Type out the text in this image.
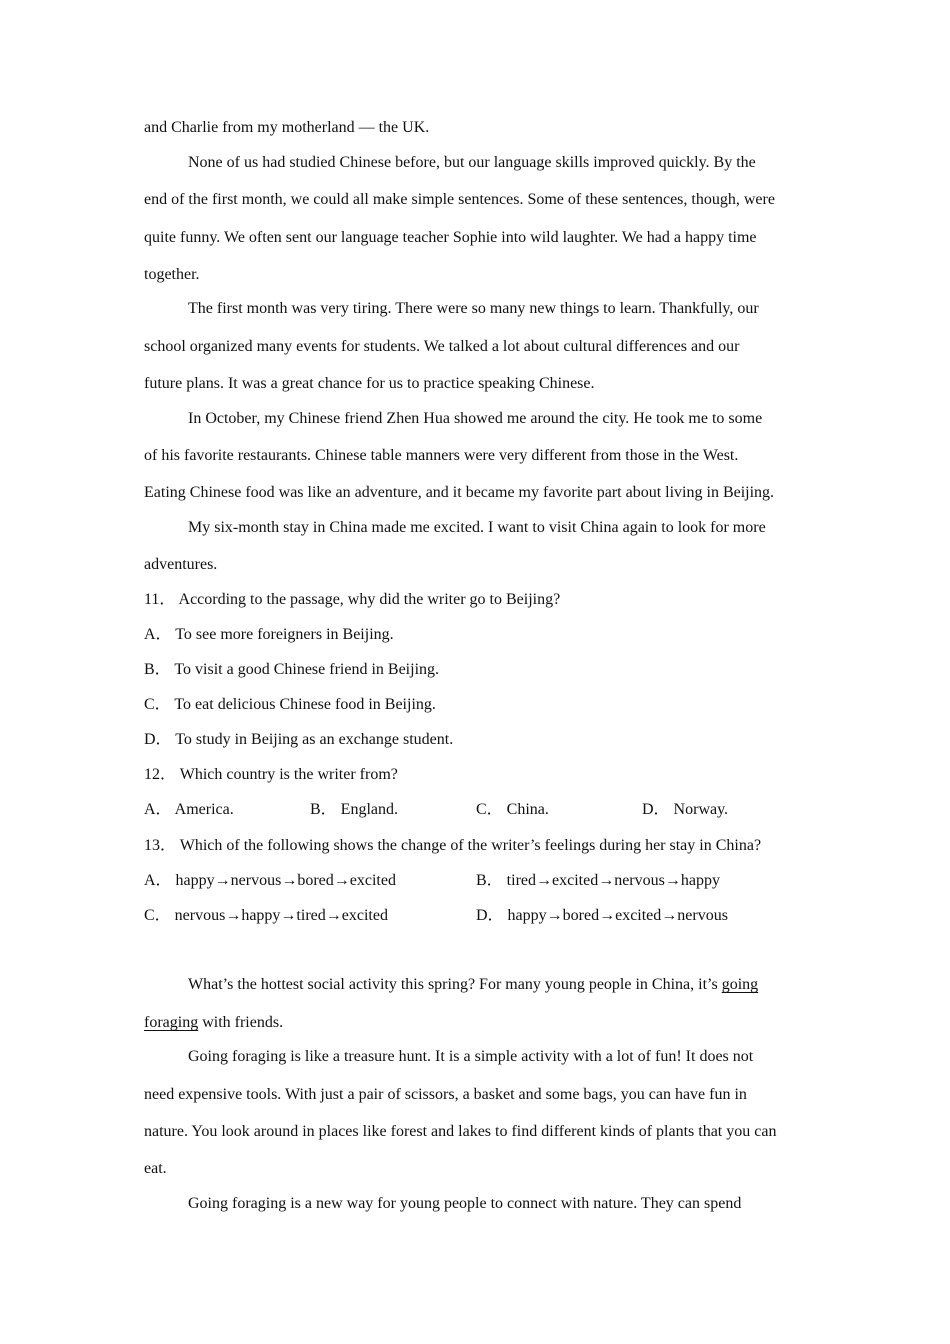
and Charlie from my motherland — the UK.
None of us had studied Chinese before, but our language skills improved quickly. By the
end of the first month, we could all make simple sentences. Some of these sentences, though, were
quite funny. We often sent our language teacher Sophie into wild laughter. We had a happy time
together.
The first month was very tiring. There were so many new things to learn. Thankfully, our
school organized many events for students. We talked a lot about cultural differences and our
future plans. It was a great chance for us to practice speaking Chinese.
In October, my Chinese friend Zhen Hua showed me around the city. He took me to some
of his favorite restaurants. Chinese table manners were very different from those in the West.
Eating Chinese food was like an adventure, and it became my favorite part about living in Beijing.
My six-month stay in China made me excited. I want to visit China again to look for more
adventures.
11． According to the passage, why did the writer go to Beijing?
A． To see more foreigners in Beijing.
B． To visit a good Chinese friend in Beijing.
C． To eat delicious Chinese food in Beijing.
D． To study in Beijing as an exchange student.
12． Which country is the writer from?
A． America.	B． England.	C． China.	D． Norway.
13． Which of the following shows the change of the writer’s feelings during her stay in China?
A． happy→nervous→bored→excited	B． tired→excited→nervous→happy
C． nervous→happy→tired→excited	D． happy→bored→excited→nervous
What’s the hottest social activity this spring? For many young people in China, it’s going
foraging with friends.
Going foraging is like a treasure hunt. It is a simple activity with a lot of fun! It does not
need expensive tools. With just a pair of scissors, a basket and some bags, you can have fun in
nature. You look around in places like forest and lakes to find different kinds of plants that you can
eat.
Going foraging is a new way for young people to connect with nature. They can spend
